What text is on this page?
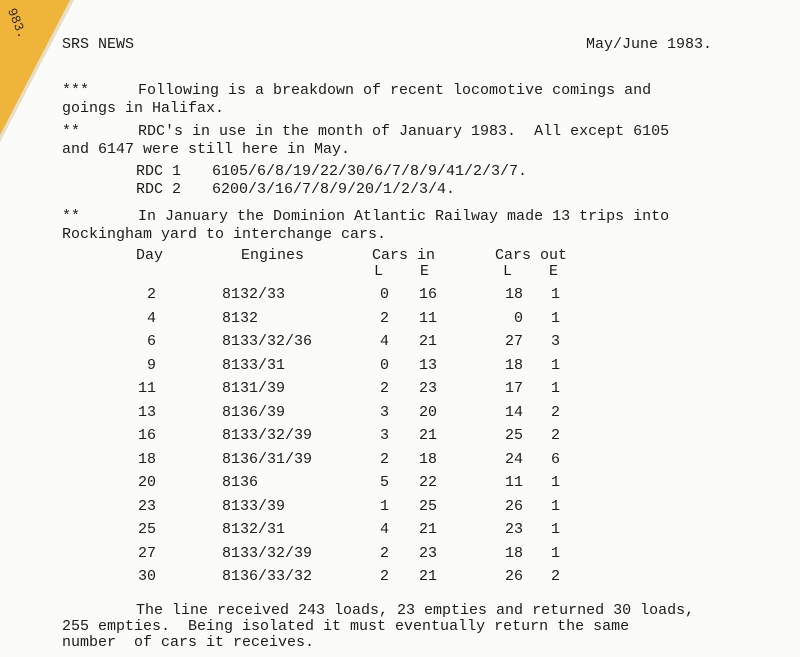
983.
SRS NEWS	May/June 1983.
***	Following is a breakdown of recent locomotive comings and
goings in Halifax.
**	RDC's in use in the month of January 1983.  All except 6105
and 6147 were still here in May.
RDC 1 6105/6/8/19/22/30/6/7/8/9/41/2/3/7.
RDC 2 6200/3/16/7/8/9/20/1/2/3/4.
**	In January the Dominion Atlantic Railway made 13 trips into
Rockingham yard to interchange cars.
Day	Engines	Cars in	Cars out
L E	L E
2	8132/33	0 16	18 1
4	8132	2 11	0 1
6	8133/32/36	4 21	27 3
9	8133/31	0 13	18 1
11	8131/39	2 23	17 1
13	8136/39	3 20	14 2
16	8133/32/39	3 21	25 2
18	8136/31/39	2 18	24 6
20	8136	5 22	11 1
23	8133/39	1 25	26 1
25	8132/31	4 21	23 1
27	8133/32/39	2 23	18 1
30	8136/33/32	2 21	26 2
The line received 243 loads, 23 empties and returned 30 loads,
255 empties.  Being isolated it must eventually return the same
number  of cars it receives.
